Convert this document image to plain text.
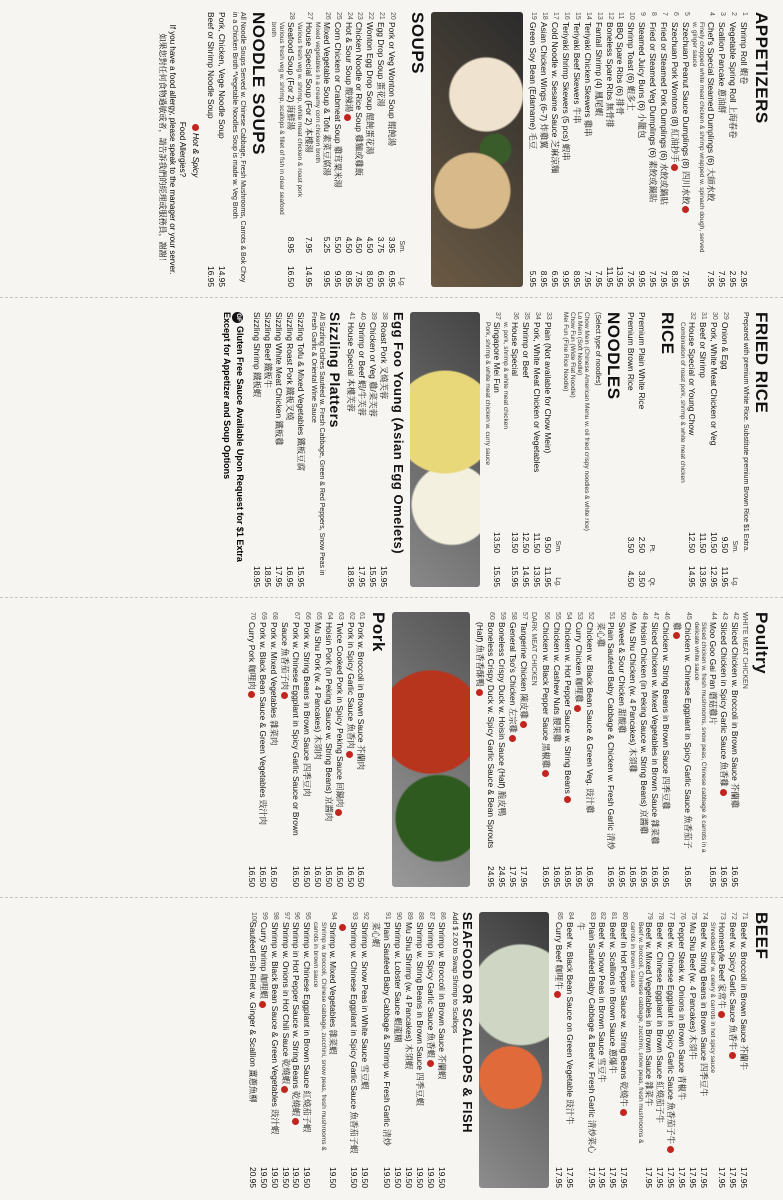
APPETIZERS
1
Shrimp Roll 蝦卷
2.95
2
Vegetable Spring Roll 上海春卷
2.95
3
Scallion Pancake 蔥油餅
7.95
4
Chef's Special Steamed Dumplings (6) 大師水餃
Finely chopped white meat chicken & shrimp wrapped w. spinach dough, served w. ginger sauce
7.95
5
Szechuan Peanut Sauce Dumplings (8) 四川水餃
7.95
6
Szechuan Pork Wontons (8) 紅油抄手
8.95
7
Fried or Steamed Pork Dumplings (6) 水餃或鍋貼
7.95
8
Fried or Steamed Veg Dumplings (6) 素餃或鍋貼
7.95
9
Steamed Juicy Buns (6) 小籠包
9.95
10
Shrimp Toast (6) 蝦多士
7.95
11
BBQ Spare Ribs (6) 排骨
13.95
12
Boneless Spare Ribs 無骨排
11.95
13
Fantail Shrimp (4) 鳳尾蝦
7.95
14
Teriyaki Chicken Skewers 雞串
7.95
15
Teriyaki Beef Skewers 牛串
8.95
16
Teriyaki Shrimp Skewers (5 pcs) 蝦串
9.95
17
Cold Noodle w. Sesame Sauce 芝麻涼麵
6.95
18
Asian Chicken Wings (6-7) 炸雞翼
8.95
19
Green Soy Bean (Edamame) 毛豆
5.95
SOUPS
Sm.
Lg.
20
Pork or Veg Wonton Soup 餛飩湯
3.95
6.95
21
Egg Drop Soup 蛋花湯
3.75
6.95
22
Wonton Egg Drop Soup 餛飩蛋花湯
4.50
8.50
23
Chicken Noodle or Rice Soup 雞麵或雞飯
4.50
7.95
24
Hot & Sour Soup 酸辣湯
4.50
8.95
25
Corn Chicken or Crabmeat Soup 雞茸粟米湯
5.50
9.95
26
Mixed Vegetable Soup & Tofu 素菜豆腐湯
Mixed vegetables in a creamy corn chicken broth
5.25
9.95
27
House Special Soup (For 2) 本樓湯
Various fresh veg w. shrimp, white meat chicken & roast pork
7.95
14.95
28
Seafood Soup (For 2) 海鮮湯
Various fresh veg w. shrimp, scallops & fillet of fish in clear seafood broth
8.95
16.50
NOODLE SOUPS
All Noodle Soups Served w. Chinese Cabbage, Fresh Mushrooms, Carrots & Bok Choy in a Chicken Broth *Vegetable Noodles Soup is made w. Veg Broth
Pork, Chicken, Vege Noodle Soup
14.95
Beef or Shrimp Noodle Soup
16.95
Hot & Spicy
Food Allergies?
If you have a food allergy, please speak to the manager or your server.
如果您對任何食物過敏或者，請告訴我們的經理或服務員，謝謝！
FRIED RICE
Prepared with premium White Rice. Substitute premium Brown Rice $1 Extra.
Sm.
Lg.
29
Onion & Egg
9.50
11.95
30
Pork, White Meat Chicken or Veg
10.50
12.95
31
Beef or Shrimp
11.50
13.95
32
House Special or Young Chow
Combination of roast pork, shrimp & white meat chicken
12.50
14.95
RICE
Pt.
Qt.
Premium Plain White Rice
2.50
3.50
Premium Brown Rice
3.50
4.50
NOODLES
(Select type of noodles)
Chow Mein (Chinese American Menu w. oil fried crispy noodles & white rice)
Lo Mein (Soft Noodle)
Chow Fun (Wide Flat Noodle)
Mei Fun (Fine Rice Noodle)
Sm.
Lg.
33
Plain (Not available for Chow Mein)
9.50
11.95
34
Pork, White Meat Chicken or Vegetables
11.50
13.95
35
Shrimp or Beef
12.50
14.95
36
House Special
w. pork, shrimp & white meat chicken
13.50
15.95
37
Singapore Mei Fun
Pork, shrimp & white meat chicken w. curry sauce
13.50
15.95
Egg Foo Young (Asian Egg Omelets)
38
Roast Pork 叉燒芙蓉
15.95
39
Chicken or Veg 雞/菜芙蓉
15.95
40
Shrimp or Beef 蝦/牛芙蓉
17.95
41
House Special 本樓芙蓉
18.95
Sizzling Platters
All Sizzling Dishes Sautéed w. Fresh Cabbage, Green & Red Peppers, Snow Peas in Fresh Garlic & Oriental Wine Sauce
Sizzling Tofu & Mixed Vegetables 鐵板豆腐
15.95
Sizzling Roast Pork 鐵板叉燒
16.95
Sizzling White Meat Chicken 鐵板雞
17.95
Sizzling Beef 鐵板牛
18.95
Sizzling Shrimp 鐵板蝦
18.95
GFGluten Free Sauce Available Upon Request for $1 Extra Except for Appetizer and Soup Options
Poultry
WHITE MEAT CHICKEN
42
Sliced Chicken w. Broccoli in Brown Sauce 芥蘭雞
16.95
43
Sliced Chicken in Spicy Garlic Sauce 魚香雞
16.95
44
Moo Goo Gai Pan 蘑菇雞片
Sliced chicken w. fresh mushrooms, snow peas, Chinese cabbage & carrots in a delicate white sauce
16.95
45
Chicken w. Chinese Eggplant in Spicy Garlic Sauce 魚香茄子雞
16.95
46
Chicken w. String Beans in Brown Sauce 四季豆雞
16.95
47
Sliced Chicken w. Mixed Vegetables in Brown Sauce 雜菜雞
16.95
48
Hoisin Chicken (in Peking Sauce w. String Beans) 京醬雞
16.95
49
Mu Shu Chicken (w. 4 Pancakes) 木須雞
16.95
50
Sweet & Sour Chicken 甜酸雞
16.95
51
Plain Sautéed Baby Cabbage & Chicken w. Fresh Garlic 清炒菜心雞
16.95
52
Chicken w. Black Bean Sauce & Green Veg. 豉汁雞
16.95
53
Curry Chicken 咖哩雞
16.95
54
Chicken w. Hot Pepper Sauce w. String Beans
16.95
55
Chicken w. Cashew Nuts 腰果雞
16.95
56
Chicken w. Black Pepper Sauce 黑椒雞
16.95
DARK MEAT CHICKEN
57
Tangerine Chicken 陳皮雞
17.95
58
General Tso's Chicken 左宗雞
17.95
59
Boneless Crispy Duck w. Hoisin Sauce (Half) 脆皮鴨
24.95
60
Boneless Crispy Duck w. Spicy Garlic Sauce & Bean Sprouts (Half) 魚香香酥鴨
24.95
Pork
61
Pork w. Broccoli in Brown Sauce 芥蘭肉
16.50
62
Pork in Spicy Garlic Sauce 魚香肉
16.50
63
Twice Cooked Pork in Spicy Peking Sauce 回鍋肉
16.50
64
Hoisin Pork (in Peking Sauce w. String Beans) 京醬肉
16.50
65
Mu Shu Pork (w. 4 Pancakes) 木須肉
16.50
66
Pork w. String Beans in Brown Sauce 四季豆肉
16.50
67
Pork w. Chinese Eggplant in Spicy Garlic Sauce or Brown Sauce 魚香茄子肉
16.50
68
Pork w. Mixed Vegetables 雜菜肉
16.50
69
Pork w. Black Bean Sauce & Green Vegetables 豉汁肉
16.50
70
Curry Pork 咖哩肉
16.50
BEEF
71
Beef w. Broccoli in Brown Sauce 芥蘭牛
17.95
72
Beef w. Spicy Garlic Sauce 魚香牛
17.95
73
Homestyle Beef 家常牛
Shredded beef w. celery & carrots in hot spicy sauce
17.95
74
Beef w. String Beans in Brown Sauce 四季豆牛
17.95
75
Mu Shu Beef (w. 4 Pancakes) 木須牛
17.95
76
Pepper Steak w. Onions in Brown Sauce 青椒牛
17.95
77
Beef w. Chinese Eggplant in Spicy Garlic Sauce 魚香茄子牛
17.95
78
Beef w. Chinese Eggplant in Brown Sauce 紅燒茄子牛
17.95
79
Beef w. Mixed Vegetables in Brown Sauce 雜菜牛
Beef w. broccoli, Chinese cabbage, zucchini, snow peas, fresh mushrooms & carrots in brown sauce
17.95
80
Beef in Hot Pepper Sauce w. String Beans 乾燒牛
17.95
81
Beef w. Scallions in Brown Sauce 蔥爆牛
17.95
82
Beef w. Snow Peas in Brown Sauce 雪豆牛
17.95
83
Plain Sautéed Baby Cabbage & Beef w. Fresh Garlic 清炒菜心牛
17.95
84
Beef w. Black Bean Sauce on Green Vegetable 豉汁牛
17.95
85
Curry Beef 咖哩牛
17.95
SEAFOOD OR SCALLOPS & FISH
Add $ 2.00 to Swap Shrimp to Scallops
86
Shrimp w. Broccoli in Brown Sauce 芥蘭蝦
19.50
87
Shrimp in Spicy Garlic Sauce 魚香蝦
19.50
88
Shrimp w. String Beans in Brown Sauce 四季豆蝦
19.50
89
Mu Shu Shrimp (w. 4 Pancakes) 木須蝦
19.50
90
Shrimp w. Lobster Sauce 蝦龍糊
19.50
91
Plain Sautéed Baby Cabbage & Shrimp w. Fresh Garlic 清炒菜心蝦
19.50
92
Shrimp w. Snow Peas in White Sauce 雪豆蝦
19.50
93
Shrimp w. Chinese Eggplant in Spicy Garlic Sauce 魚香茄子蝦
19.50
94
Shrimp w. Mixed Vegetables 雜菜蝦
Shrimp w. broccoli, Chinese cabbage, zucchini, snow peas, fresh mushrooms & carrots in brown sauce
19.50
95
Shrimp w. Chinese Eggplant in Brown Sauce 紅燒茄子蝦
19.50
96
Shrimp in Hot Pepper Sauce w. String Beans 乾燒蝦
19.50
97
Shrimp w. Onions in Hot Chili Sauce 乾燒蝦
19.50
98
Shrimp w. Black Bean Sauce & Green Vegetables 豉汁蝦
19.50
99
Curry Shrimp 咖哩蝦
19.50
100
Sautéed Fish Filet w. Ginger & Scallion 薑蔥魚柳
20.95
